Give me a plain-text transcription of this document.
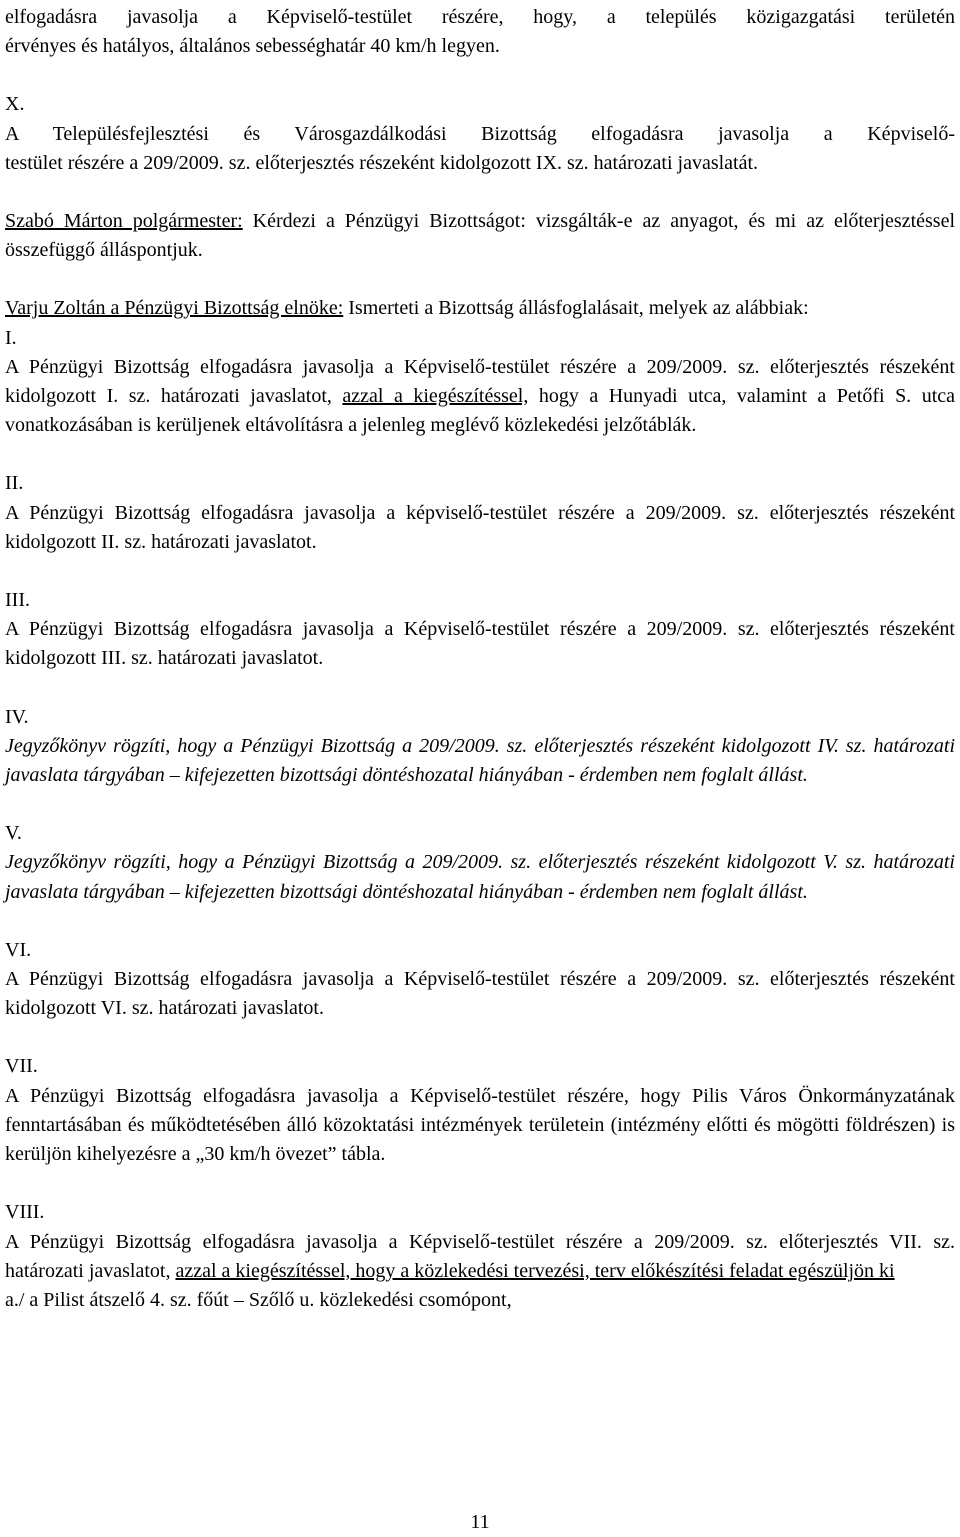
elfogadásra javasolja a Képviselő-testület részére, hogy, a település közigazgatási területén
érvényes és hatályos, általános sebességhatár 40 km/h legyen.

X.
A Településfejlesztési és Városgazdálkodási Bizottság elfogadásra javasolja a Képviselő-
testület részére a 209/2009. sz. előterjesztés részeként kidolgozott IX. sz. határozati javaslatát.

Szabó Márton polgármester: Kérdezi a Pénzügyi Bizottságot: vizsgálták-e az anyagot, és mi az előterjesztéssel összefüggő álláspontjuk.

Varju Zoltán a Pénzügyi Bizottság elnöke: Ismerteti a Bizottság állásfoglalásait, melyek az alábbiak:

I.
A Pénzügyi Bizottság elfogadásra javasolja a Képviselő-testület részére a 209/2009. sz. előterjesztés részeként kidolgozott I. sz. határozati javaslatot, azzal a kiegészítéssel, hogy a Hunyadi utca, valamint a Petőfi S. utca vonatkozásában is kerüljenek eltávolításra a jelenleg meglévő közlekedési jelzőtáblák.

II.
A Pénzügyi Bizottság elfogadásra javasolja a képviselő-testület részére a 209/2009. sz. előterjesztés részeként kidolgozott II. sz. határozati javaslatot.

III.
A Pénzügyi Bizottság elfogadásra javasolja a Képviselő-testület részére a 209/2009. sz. előterjesztés részeként kidolgozott III. sz. határozati javaslatot.

IV.
Jegyzőkönyv rögzíti, hogy a Pénzügyi Bizottság a 209/2009. sz. előterjesztés részeként kidolgozott IV. sz. határozati javaslata tárgyában – kifejezetten bizottsági döntéshozatal hiányában - érdemben nem foglalt állást.

V.
Jegyzőkönyv rögzíti, hogy a Pénzügyi Bizottság a 209/2009. sz. előterjesztés részeként kidolgozott V. sz. határozati javaslata tárgyában – kifejezetten bizottsági döntéshozatal hiányában - érdemben nem foglalt állást.

VI.
A Pénzügyi Bizottság elfogadásra javasolja a Képviselő-testület részére a 209/2009. sz. előterjesztés részeként kidolgozott VI. sz. határozati javaslatot.

VII.
A Pénzügyi Bizottság elfogadásra javasolja a Képviselő-testület részére, hogy Pilis Város Önkormányzatának fenntartásában és működtetésében álló közoktatási intézmények területein (intézmény előtti és mögötti földrészen) is kerüljön kihelyezésre a „30 km/h övezet” tábla.

VIII.
A Pénzügyi Bizottság elfogadásra javasolja a Képviselő-testület részére a 209/2009. sz. előterjesztés VII. sz. határozati javaslatot, azzal a kiegészítéssel, hogy a közlekedési tervezési, terv előkészítési feladat egészüljön ki
a./ a Pilist átszelő 4. sz. főút – Szőlő u. közlekedési csomópont,

11
